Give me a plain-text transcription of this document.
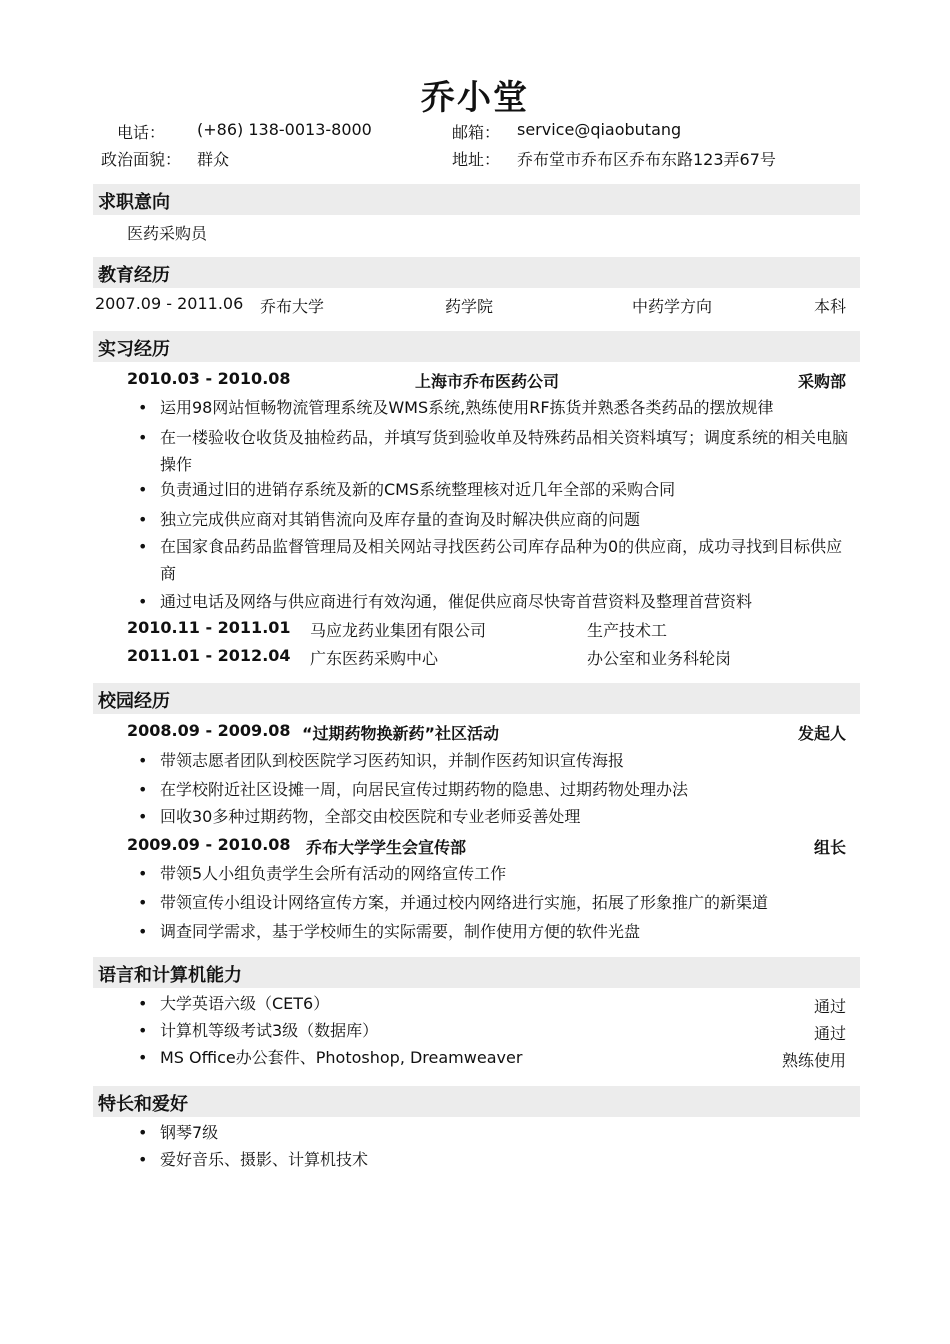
乔小堂
电话： (+86) 138-0013-8000	邮箱： service@qiaobutang
政治面貌： 群众	地址： 乔布堂市乔布区乔布东路123弄67号
求职意向
医药采购员
教育经历
2007.09 - 2011.06 乔布大学	药学院	中药学方向	本科
实习经历
2010.03 - 2010.08	上海市乔布医药公司	采购部
• 运用98网站恒畅物流管理系统及WMS系统,熟练使用RF拣货并熟悉各类药品的摆放规律
• 在一楼验收仓收货及抽检药品，并填写货到验收单及特殊药品相关资料填写；调度系统的相关电脑操作
• 负责通过旧的进销存系统及新的CMS系统整理核对近几年全部的采购合同
• 独立完成供应商对其销售流向及库存量的查询及时解决供应商的问题
• 在国家食品药品监督管理局及相关网站寻找医药公司库存品种为0的供应商，成功寻找到目标供应商
• 通过电话及网络与供应商进行有效沟通，催促供应商尽快寄首营资料及整理首营资料
2010.11 - 2011.01 马应龙药业集团有限公司	生产技术工
2011.01 - 2012.04 广东医药采购中心	办公室和业务科轮岗
校园经历
2008.09 - 2009.08 “过期药物换新药”社区活动	发起人
• 带领志愿者团队到校医院学习医药知识，并制作医药知识宣传海报
• 在学校附近社区设摊一周，向居民宣传过期药物的隐患、过期药物处理办法
• 回收30多种过期药物，全部交由校医院和专业老师妥善处理
2009.09 - 2010.08 乔布大学学生会宣传部	组长
• 带领5人小组负责学生会所有活动的网络宣传工作
• 带领宣传小组设计网络宣传方案，并通过校内网络进行实施，拓展了形象推广的新渠道
• 调查同学需求，基于学校师生的实际需要，制作使用方便的软件光盘
语言和计算机能力
• 大学英语六级（CET6）	通过
• 计算机等级考试3级（数据库）	通过
• MS Office办公套件、Photoshop, Dreamweaver	熟练使用
特长和爱好
• 钢琴7级
• 爱好音乐、摄影、计算机技术
